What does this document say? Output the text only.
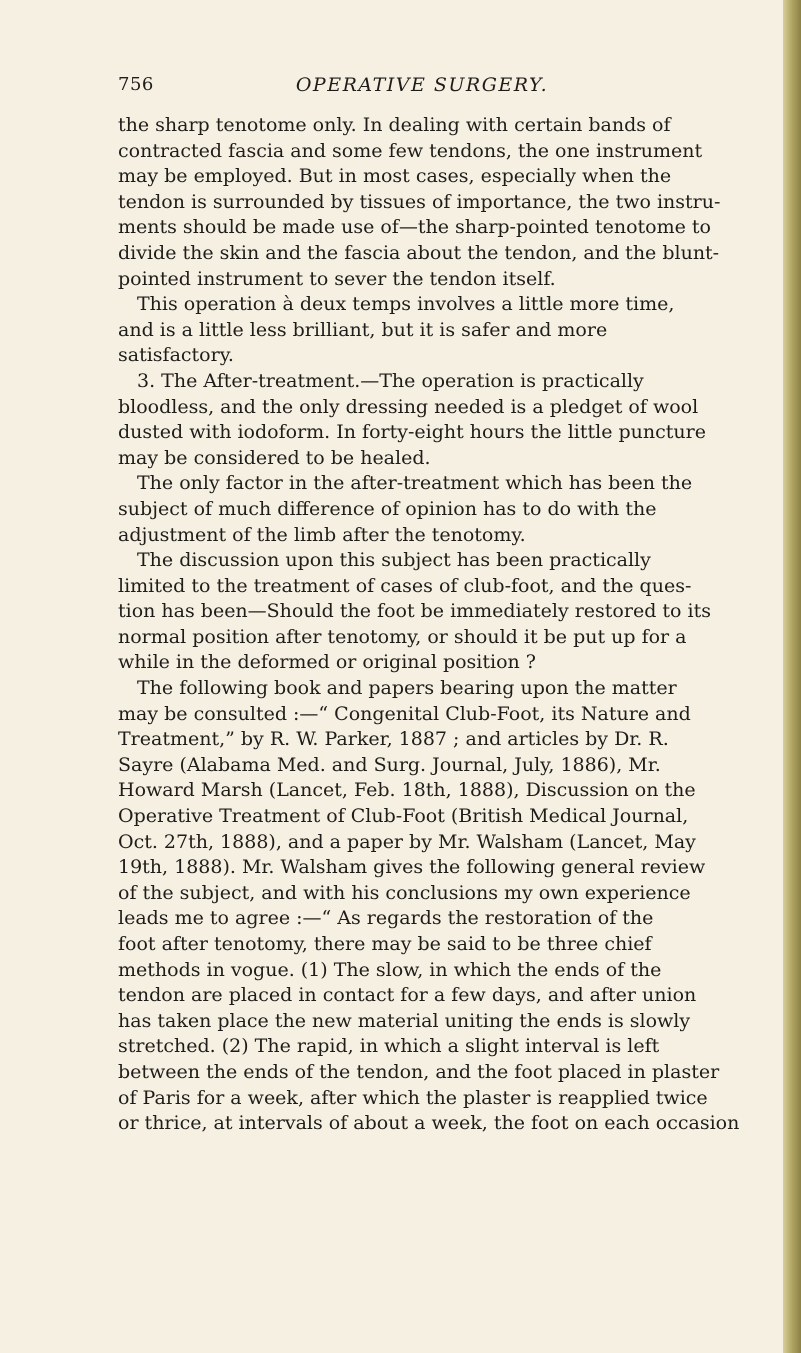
756	OPERATIVE SURGERY.
the sharp tenotome only. In dealing with certain bands of
contracted fascia and some few tendons, the one instrument
may be employed. But in most cases, especially when the
tendon is surrounded by tissues of importance, the two instru-
ments should be made use of—the sharp-pointed tenotome to
divide the skin and the fascia about the tendon, and the blunt-
pointed instrument to sever the tendon itself.
This operation à deux temps involves a little more time,
and is a little less brilliant, but it is safer and more
satisfactory.
3. The After-treatment.—The operation is practically
bloodless, and the only dressing needed is a pledget of wool
dusted with iodoform. In forty-eight hours the little puncture
may be considered to be healed.
The only factor in the after-treatment which has been the
subject of much difference of opinion has to do with the
adjustment of the limb after the tenotomy.
The discussion upon this subject has been practically
limited to the treatment of cases of club-foot, and the ques-
tion has been—Should the foot be immediately restored to its
normal position after tenotomy, or should it be put up for a
while in the deformed or original position ?
The following book and papers bearing upon the matter
may be consulted :—“ Congenital Club-Foot, its Nature and
Treatment,” by R. W. Parker, 1887 ; and articles by Dr. R.
Sayre (Alabama Med. and Surg. Journal, July, 1886), Mr.
Howard Marsh (Lancet, Feb. 18th, 1888), Discussion on the
Operative Treatment of Club-Foot (British Medical Journal,
Oct. 27th, 1888), and a paper by Mr. Walsham (Lancet, May
19th, 1888). Mr. Walsham gives the following general review
of the subject, and with his conclusions my own experience
leads me to agree :—“ As regards the restoration of the
foot after tenotomy, there may be said to be three chief
methods in vogue. (1) The slow, in which the ends of the
tendon are placed in contact for a few days, and after union
has taken place the new material uniting the ends is slowly
stretched. (2) The rapid, in which a slight interval is left
between the ends of the tendon, and the foot placed in plaster
of Paris for a week, after which the plaster is reapplied twice
or thrice, at intervals of about a week, the foot on each occasion
